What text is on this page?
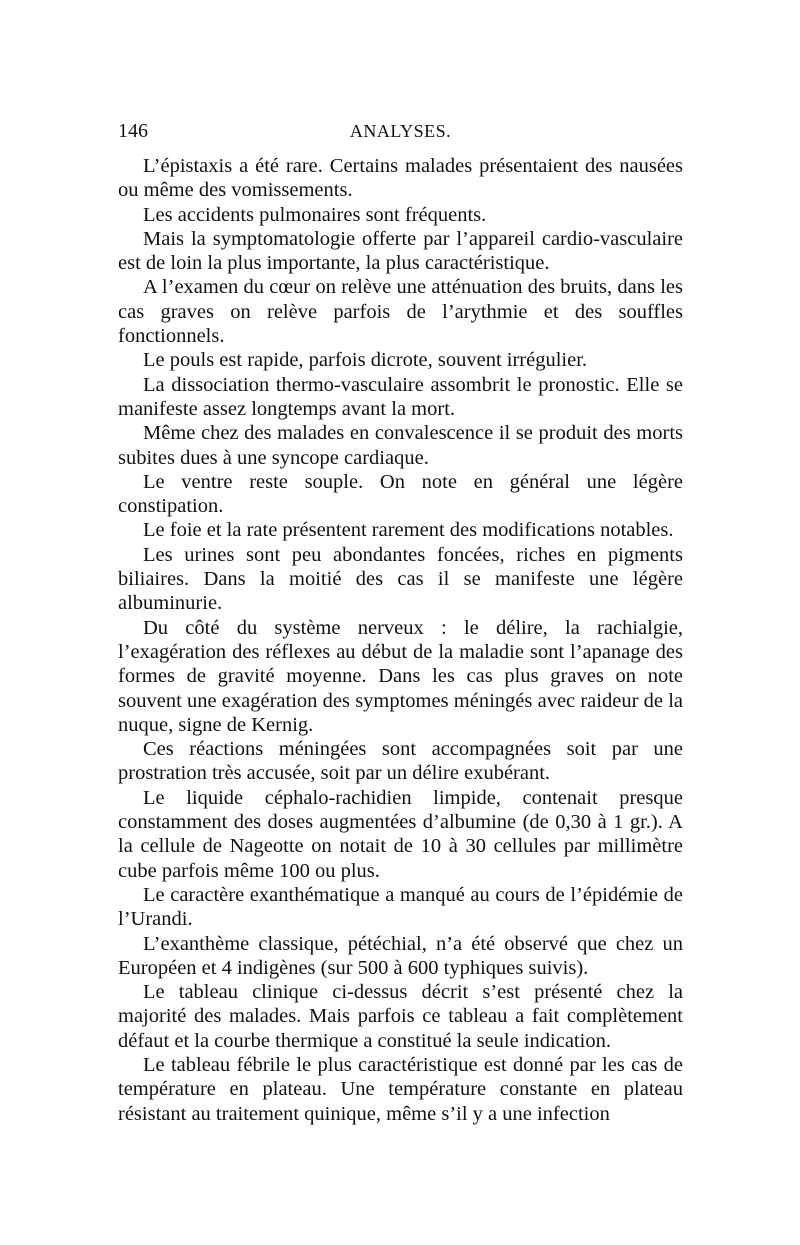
146	ANALYSES.

L’épistaxis a été rare. Certains malades présentaient des nausées ou même des vomissements.

Les accidents pulmonaires sont fréquents.

Mais la symptomatologie offerte par l’appareil cardio-vasculaire est de loin la plus importante, la plus caractéristique.

A l’examen du cœur on relève une atténuation des bruits, dans les cas graves on relève parfois de l’arythmie et des souffles fonctionnels.

Le pouls est rapide, parfois dicrote, souvent irrégulier.

La dissociation thermo-vasculaire assombrit le pronostic. Elle se manifeste assez longtemps avant la mort.

Même chez des malades en convalescence il se produit des morts subites dues à une syncope cardiaque.

Le ventre reste souple. On note en général une légère constipation.

Le foie et la rate présentent rarement des modifications notables.

Les urines sont peu abondantes foncées, riches en pigments biliaires. Dans la moitié des cas il se manifeste une légère albuminurie.

Du côté du système nerveux : le délire, la rachialgie, l’exagération des réflexes au début de la maladie sont l’apanage des formes de gravité moyenne. Dans les cas plus graves on note souvent une exagération des symptomes méningés avec raideur de la nuque, signe de Kernig.

Ces réactions méningées sont accompagnées soit par une prostration très accusée, soit par un délire exubérant.

Le liquide céphalo-rachidien limpide, contenait presque constamment des doses augmentées d’albumine (de 0,30 à 1 gr.). A la cellule de Nageotte on notait de 10 à 30 cellules par millimètre cube parfois même 100 ou plus.

Le caractère exanthématique a manqué au cours de l’épidémie de l’Urandi.

L’exanthème classique, pétéchial, n’a été observé que chez un Européen et 4 indigènes (sur 500 à 600 typhiques suivis).

Le tableau clinique ci-dessus décrit s’est présenté chez la majorité des malades. Mais parfois ce tableau a fait complètement défaut et la courbe thermique a constitué la seule indication.

Le tableau fébrile le plus caractéristique est donné par les cas de température en plateau. Une température constante en plateau résistant au traitement quinique, même s’il y a une infection
